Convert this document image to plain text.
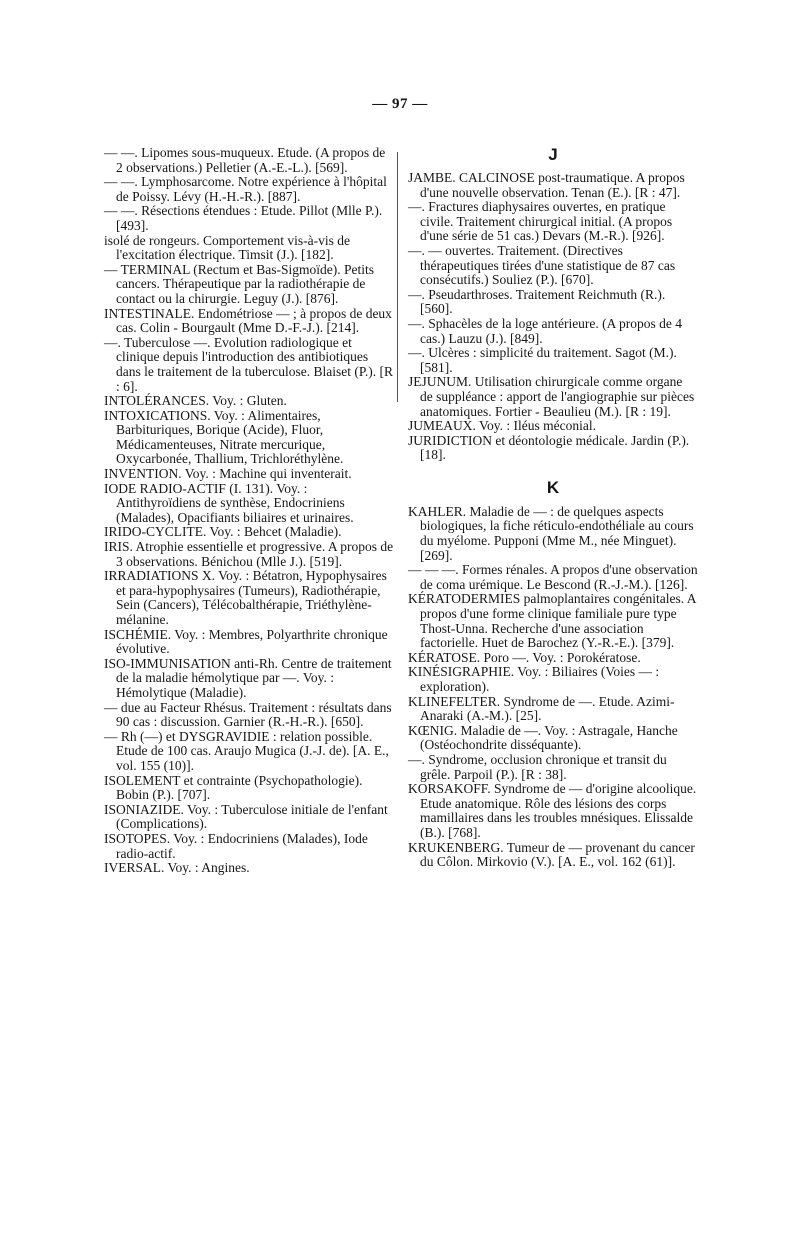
— 97 —

— —. Lipomes sous-muqueux. Etude. (A propos de 2 observations.) Pelletier (A.-E.-L.). [569].

— —. Lymphosarcome. Notre expérience à l'hôpital de Poissy. Lévy (H.-H.-R.). [887].

— —. Résections étendues : Etude. Pillot (Mlle P.). [493].

isolé de rongeurs. Comportement vis-à-vis de l'excitation électrique. Timsit (J.). [182].

— TERMINAL (Rectum et Bas-Sigmoïde). Petits cancers. Thérapeutique par la radiothérapie de contact ou la chirurgie. Leguy (J.). [876].

INTESTINALE. Endométriose — ; à propos de deux cas. Colin - Bourgault (Mme D.-F.-J.). [214].

—. Tuberculose —. Evolution radiologique et clinique depuis l'introduction des antibiotiques dans le traitement de la tuberculose. Blaiset (P.). [R : 6].

INTOLÉRANCES. Voy. : Gluten.

INTOXICATIONS. Voy. : Alimentaires, Barbituriques, Borique (Acide), Fluor, Médicamenteuses, Nitrate mercurique, Oxycarbonée, Thallium, Trichloréthylène.

INVENTION. Voy. : Machine qui inventerait.

IODE RADIO-ACTIF (I. 131). Voy. : Antithyroïdiens de synthèse, Endocriniens (Malades), Opacifiants biliaires et urinaires.

IRIDO-CYCLITE. Voy. : Behcet (Maladie).

IRIS. Atrophie essentielle et progressive. A propos de 3 observations. Bénichou (Mlle J.). [519].

IRRADIATIONS X. Voy. : Bétatron, Hypophysaires et para-hypophysaires (Tumeurs), Radiothérapie, Sein (Cancers), Télécobalthérapie, Triéthylène-mélanine.

ISCHÉMIE. Voy. : Membres, Polyarthrite chronique évolutive.

ISO-IMMUNISATION anti-Rh. Centre de traitement de la maladie hémolytique par —. Voy. : Hémolytique (Maladie).

— due au Facteur Rhésus. Traitement : résultats dans 90 cas : discussion. Garnier (R.-H.-R.). [650].

— Rh (—) et DYSGRAVIDIE : relation possible. Etude de 100 cas. Araujo Mugica (J.-J. de). [A. E., vol. 155 (10)].

ISOLEMENT et contrainte (Psychopathologie). Bobin (P.). [707].

ISONIAZIDE. Voy. : Tuberculose initiale de l'enfant (Complications).

ISOTOPES. Voy. : Endocriniens (Malades), Iode radio-actif.

IVERSAL. Voy. : Angines.

J

JAMBE. CALCINOSE post-traumatique. A propos d'une nouvelle observation. Tenan (E.). [R : 47].

—. Fractures diaphysaires ouvertes, en pratique civile. Traitement chirurgical initial. (A propos d'une série de 51 cas.) Devars (M.-R.). [926].

—. — ouvertes. Traitement. (Directives thérapeutiques tirées d'une statistique de 87 cas consécutifs.) Souliez (P.). [670].

—. Pseudarthroses. Traitement Reichmuth (R.). [560].

—. Sphacèles de la loge antérieure. (A propos de 4 cas.) Lauzu (J.). [849].

—. Ulcères : simplicité du traitement. Sagot (M.). [581].

JEJUNUM. Utilisation chirurgicale comme organe de suppléance : apport de l'angiographie sur pièces anatomiques. Fortier - Beaulieu (M.). [R : 19].

JUMEAUX. Voy. : Iléus méconial.

JURIDICTION et déontologie médicale. Jardin (P.). [18].

K

KAHLER. Maladie de — : de quelques aspects biologiques, la fiche réticulo-endothéliale au cours du myélome. Pupponi (Mme M., née Minguet). [269].

— — —. Formes rénales. A propos d'une observation de coma urémique. Le Bescond (R.-J.-M.). [126].

KÉRATODERMIES palmoplantaires congénitales. A propos d'une forme clinique familiale pure type Thost-Unna. Recherche d'une association factorielle. Huet de Barochez (Y.-R.-E.). [379].

KÉRATOSE. Poro —. Voy. : Porokératose.

KINÉSIGRAPHIE. Voy. : Biliaires (Voies — : exploration).

KLINEFELTER. Syndrome de —. Etude. Azimi-Anaraki (A.-M.). [25].

KŒNIG. Maladie de —. Voy. : Astragale, Hanche (Ostéochondrite disséquante).

—. Syndrome, occlusion chronique et transit du grêle. Parpoil (P.). [R : 38].

KORSAKOFF. Syndrome de — d'origine alcoolique. Etude anatomique. Rôle des lésions des corps mamillaires dans les troubles mnésiques. Elissalde (B.). [768].

KRUKENBERG. Tumeur de — provenant du cancer du Côlon. Mirkovio (V.). [A. E., vol. 162 (61)].
